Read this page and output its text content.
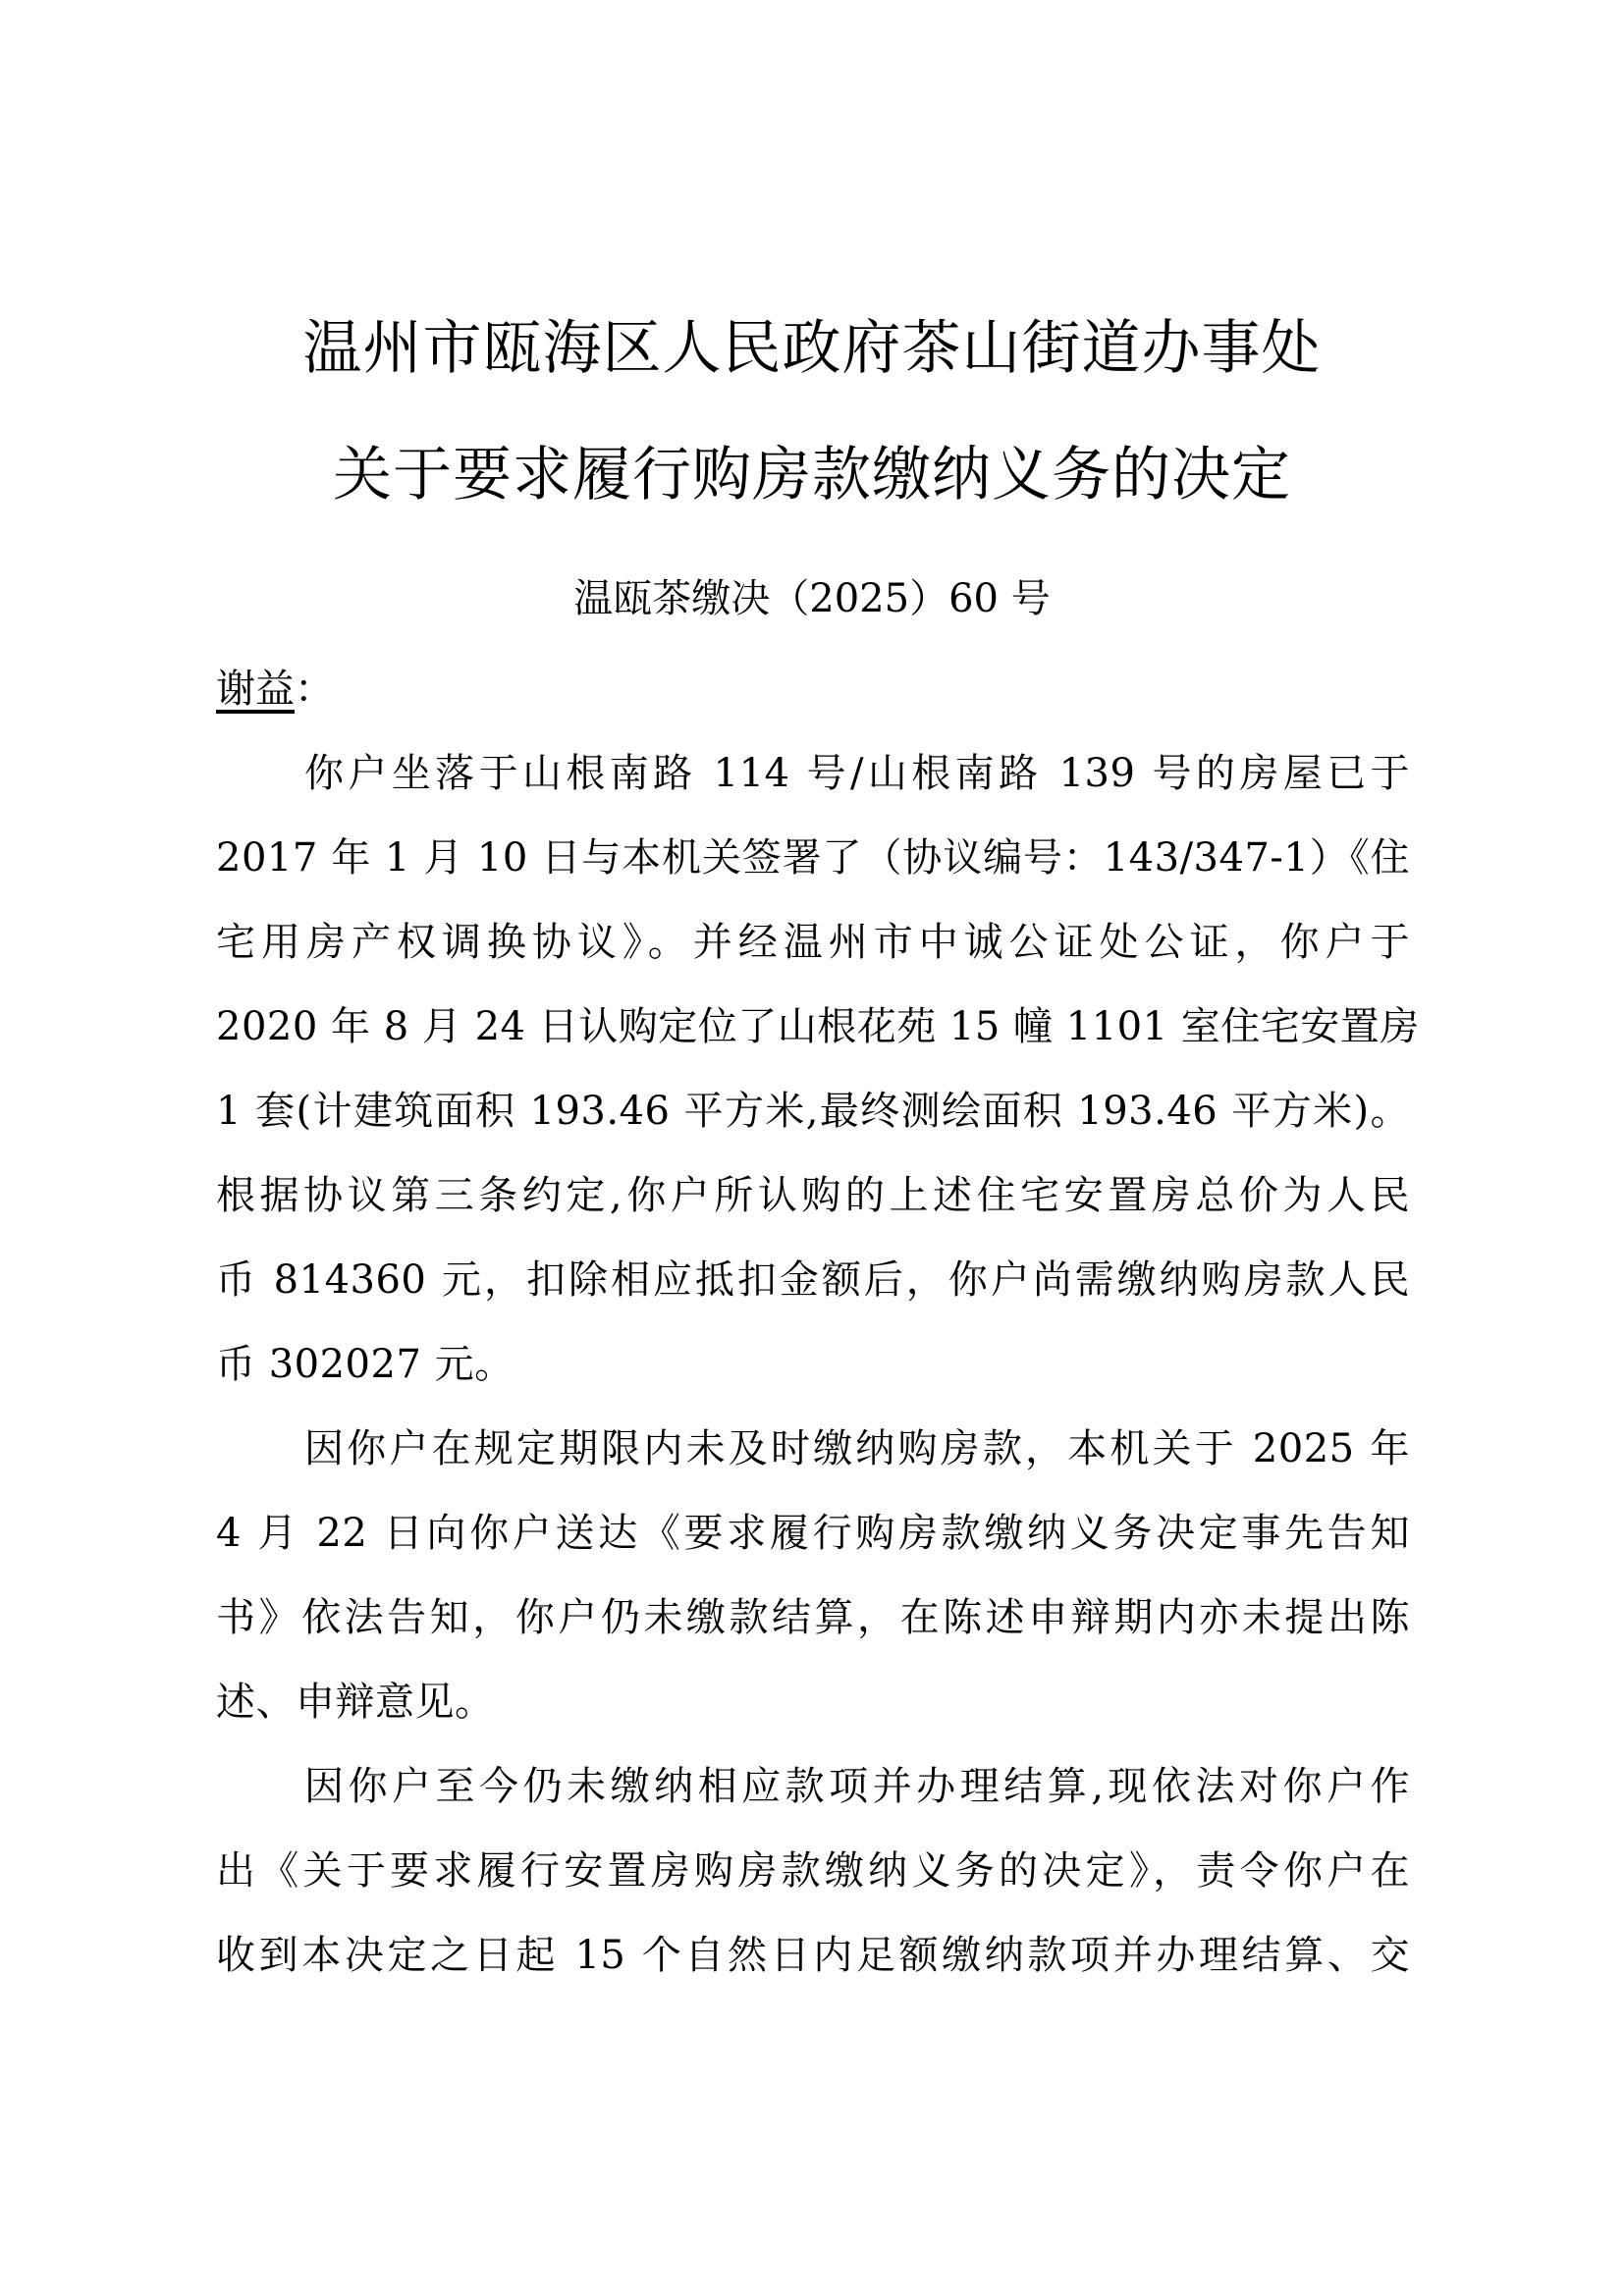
温州市瓯海区人民政府茶山街道办事处
关于要求履行购房款缴纳义务的决定
温瓯茶缴决（2025）60 号
谢益：
你户坐落于山根南路 114 号/山根南路 139 号的房屋已于
2017 年 1 月 10 日与本机关签署了（协议编号：143/347-1）《住
宅用房产权调换协议》。并经温州市中诚公证处公证，你户于
2020 年 8 月 24 日认购定位了山根花苑 15 幢 1101 室住宅安置房
1 套(计建筑面积 193.46 平方米,最终测绘面积 193.46 平方米)。
根据协议第三条约定,你户所认购的上述住宅安置房总价为人民
币 814360 元，扣除相应抵扣金额后，你户尚需缴纳购房款人民
币 302027 元。
因你户在规定期限内未及时缴纳购房款，本机关于 2025 年
4 月 22 日向你户送达《要求履行购房款缴纳义务决定事先告知
书》依法告知，你户仍未缴款结算，在陈述申辩期内亦未提出陈
述、申辩意见。
因你户至今仍未缴纳相应款项并办理结算,现依法对你户作
出《关于要求履行安置房购房款缴纳义务的决定》，责令你户在
收到本决定之日起 15 个自然日内足额缴纳款项并办理结算、交
